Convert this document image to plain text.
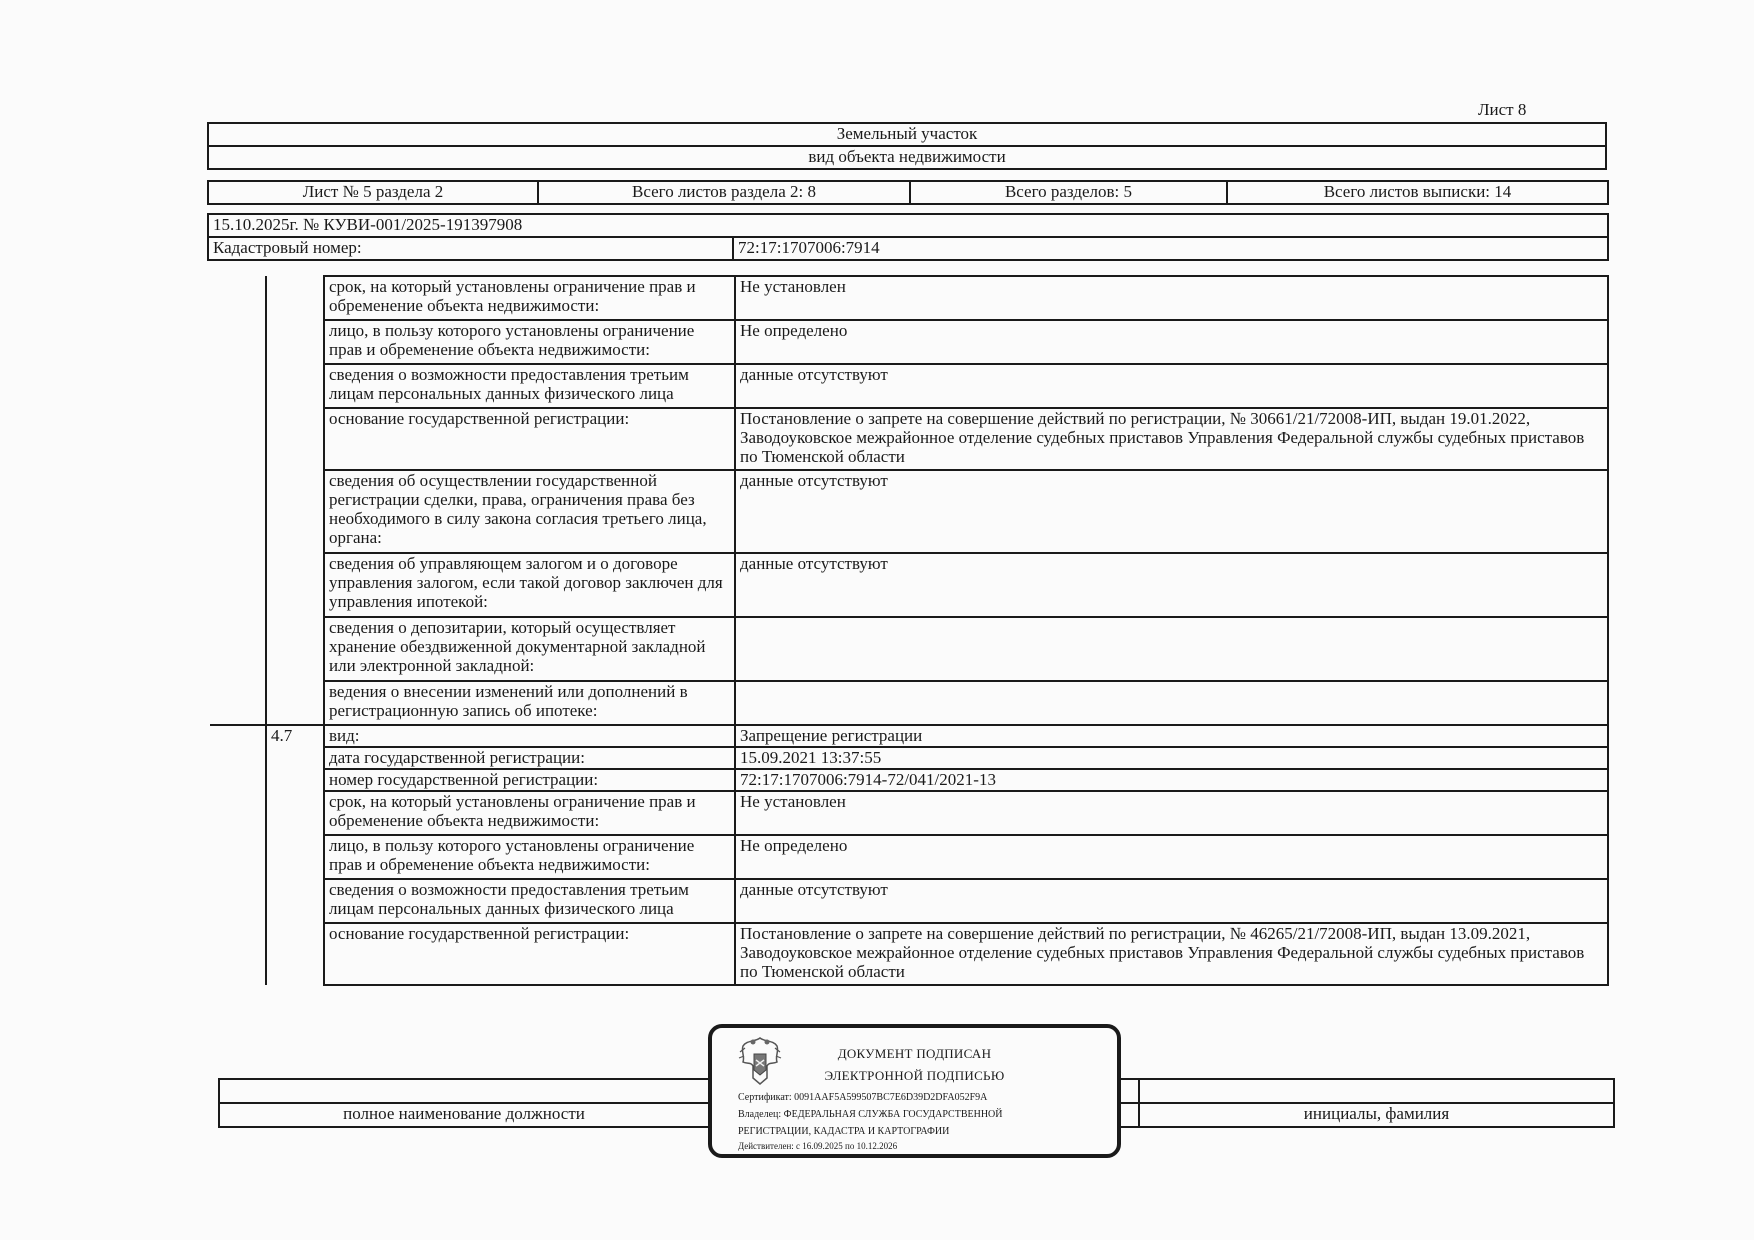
Лист 8
Земельный участок
вид объекта недвижимости
Лист № 5 раздела 2	Всего листов раздела 2: 8	Всего разделов: 5	Всего листов выписки: 14
15.10.2025г. № КУВИ-001/2025-191397908
Кадастровый номер:	72:17:1707006:7914
		срок, на который установлены ограничение прав и обременение объекта недвижимости:	Не установлен
		лицо, в пользу которого установлены ограничение прав и обременение объекта недвижимости:	Не определено
		сведения о возможности предоставления третьим лицам персональных данных физического лица	данные отсутствуют
		основание государственной регистрации:	Постановление о запрете на совершение действий по регистрации, № 30661/21/72008-ИП, выдан 19.01.2022, Заводоуковское межрайонное отделение судебных приставов Управления Федеральной службы судебных приставов по Тюменской области
		сведения об осуществлении государственной регистрации сделки, права, ограничения права без необходимого в силу закона согласия третьего лица, органа:	данные отсутствуют
		сведения об управляющем залогом и о договоре управления залогом, если такой договор заключен для управления ипотекой:	данные отсутствуют
		сведения о депозитарии, который осуществляет хранение обездвиженной документарной закладной или электронной закладной:	
		ведения о внесении изменений или дополнений в регистрационную запись об ипотеке:	
	4.7	вид:	Запрещение регистрации
		дата государственной регистрации:	15.09.2021 13:37:55
		номер государственной регистрации:	72:17:1707006:7914-72/041/2021-13
		срок, на который установлены ограничение прав и обременение объекта недвижимости:	Не установлен
		лицо, в пользу которого установлены ограничение прав и обременение объекта недвижимости:	Не определено
		сведения о возможности предоставления третьим лицам персональных данных физического лица	данные отсутствуют
		основание государственной регистрации:	Постановление о запрете на совершение действий по регистрации, № 46265/21/72008-ИП, выдан 13.09.2021, Заводоуковское межрайонное отделение судебных приставов Управления Федеральной службы судебных приставов по Тюменской области

полное наименование должности		инициалы, фамилия
ДОКУМЕНТ ПОДПИСАН
ЭЛЕКТРОННОЙ ПОДПИСЬЮ
Сертификат: 0091AAF5A599507BC7E6D39D2DFA052F9A
Владелец: ФЕДЕРАЛЬНАЯ СЛУЖБА ГОСУДАРСТВЕННОЙ
РЕГИСТРАЦИИ, КАДАСТРА И КАРТОГРАФИИ
Действителен: с 16.09.2025 по 10.12.2026
